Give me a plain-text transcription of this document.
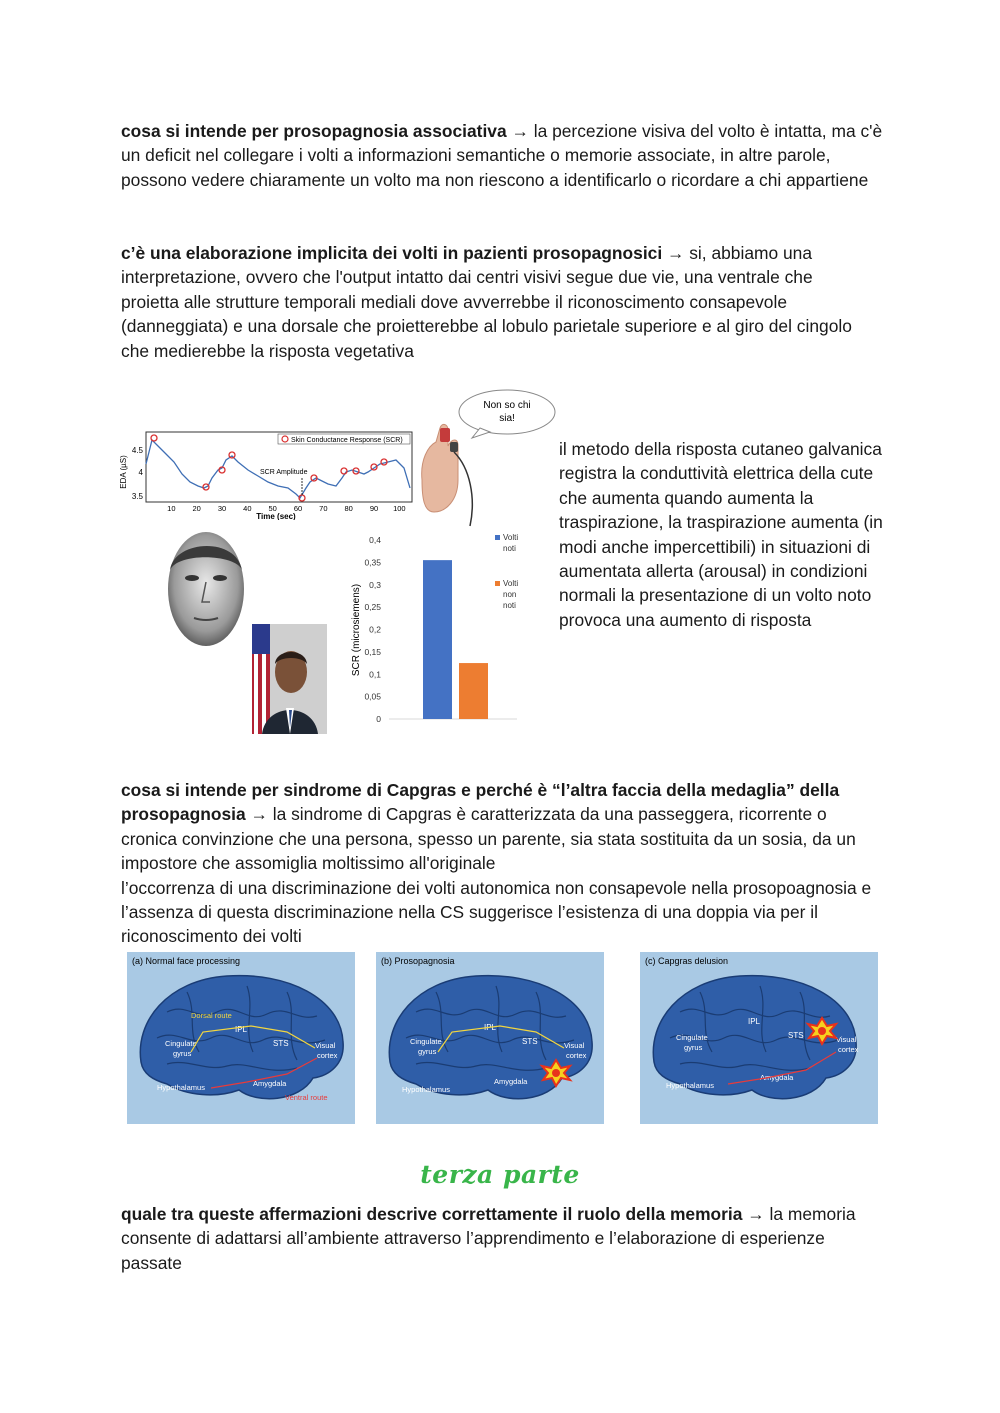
cosa si intende per prosopagnosia associativa → la percezione visiva del volto è intatta, ma c'è un deficit nel collegare i volti a informazioni semantiche o memorie associate, in altre parole, possono vedere chiaramente un volto ma non riescono a identificarlo o ricordare a chi appartiene

c’è una elaborazione implicita dei volti in pazienti prosopagnosici → si, abbiamo una interpretazione, ovvero che l'output intatto dai centri visivi segue due vie, una ventrale che proietta alle strutture temporali mediali dove avverrebbe il riconoscimento consapevole (danneggiata) e una dorsale che proietterebbe al lobulo parietale superiore e al giro del cingolo che medierebbe la risposta vegetativa

EDA (µS)
4.5
4
3.5
10 20 30 40 50 60 70 80 90 100
Time (sec)
Skin Conductance Response (SCR)
SCR Amplitude
Non so chi
sia!
SCR (microsiemens)
0,4
0,35
0,3
0,25
0,2
0,15
0,1
0,05
0
Volti
noti
Volti
non
noti
il metodo della risposta cutaneo galvanica registra la conduttività elettrica della cute che aumenta quando aumenta la traspirazione, la traspirazione aumenta (in modi anche impercettibili) in situazioni di aumentata allerta (arousal) in condizioni normali la presentazione di un volto noto provoca una aumento di risposta

cosa si intende per sindrome di Capgras e perché è “l’altra faccia della medaglia” della prosopagnosia → la sindrome di Capgras è caratterizzata da una passeggera, ricorrente o cronica convinzione che una persona, spesso un parente, sia stata sostituita da un sosia, da un impostore che assomiglia moltissimo all'originale
l’occorrenza di una discriminazione dei volti autonomica non consapevole nella prosopoagnosia e l’assenza di questa discriminazione nella CS suggerisce l’esistenza di una doppia via per il riconoscimento dei volti

(a) Normal face processing
Dorsal route
IPL
STS	Visual
cortex
Cingulate
gyrus
Hypothalamus	Amygdala
Ventral route
(b) Prosopagnosia
IPL
STS	Visual
cortex
Cingulate
gyrus
Hypothalamus
Amygdala
(c) Capgras delusion
IPL
STS	Visual
cortex
Cingulate
gyrus
Hypothalamus
Amygdala
terza parte

quale tra queste affermazioni descrive correttamente il ruolo della memoria → la memoria consente di adattarsi all’ambiente attraverso l’apprendimento e l’elaborazione di esperienze passate
